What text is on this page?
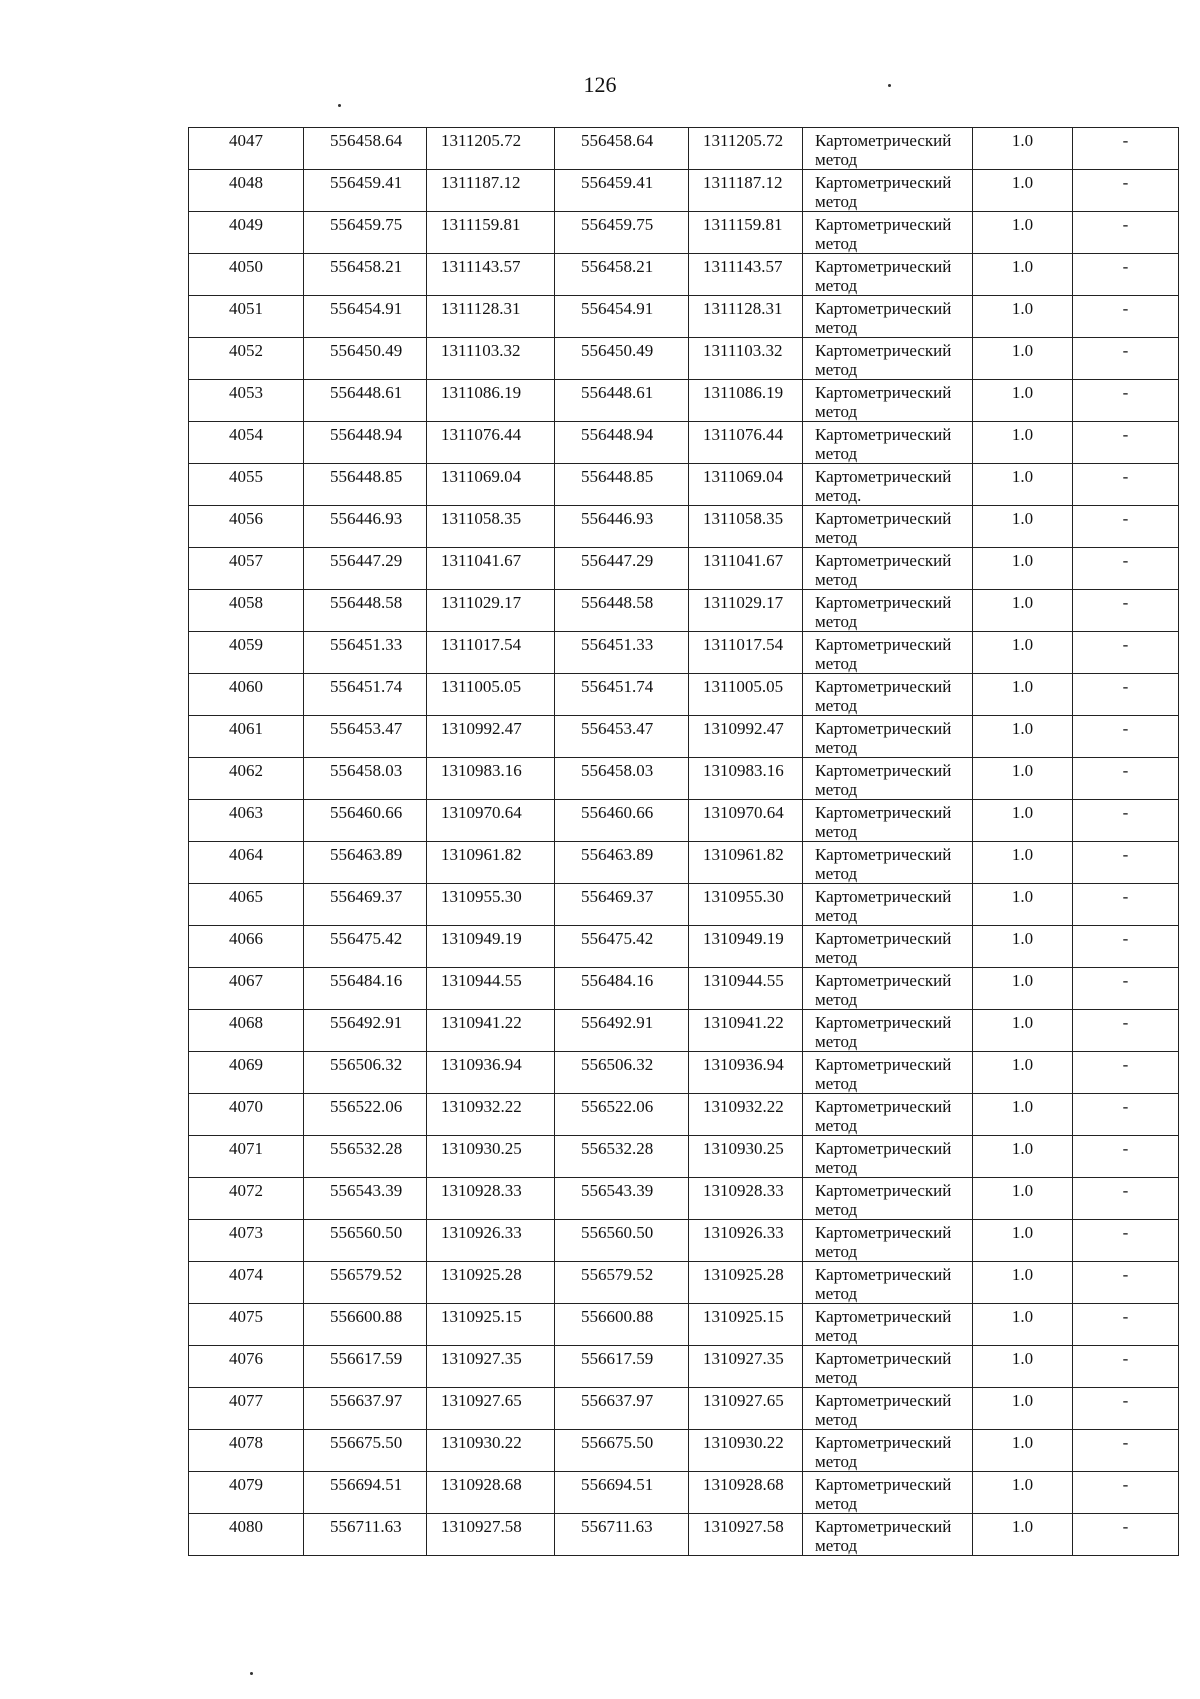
126
4047	556458.64	1311205.72	556458.64	1311205.72	Картометрический метод	1.0	-
4048	556459.41	1311187.12	556459.41	1311187.12	Картометрический метод	1.0	-
4049	556459.75	1311159.81	556459.75	1311159.81	Картометрический метод	1.0	-
4050	556458.21	1311143.57	556458.21	1311143.57	Картометрический метод	1.0	-
4051	556454.91	1311128.31	556454.91	1311128.31	Картометрический метод	1.0	-
4052	556450.49	1311103.32	556450.49	1311103.32	Картометрический метод	1.0	-
4053	556448.61	1311086.19	556448.61	1311086.19	Картометрический метод	1.0	-
4054	556448.94	1311076.44	556448.94	1311076.44	Картометрический метод	1.0	-
4055	556448.85	1311069.04	556448.85	1311069.04	Картометрический метод.	1.0	-
4056	556446.93	1311058.35	556446.93	1311058.35	Картометрический метод	1.0	-
4057	556447.29	1311041.67	556447.29	1311041.67	Картометрический метод	1.0	-
4058	556448.58	1311029.17	556448.58	1311029.17	Картометрический метод	1.0	-
4059	556451.33	1311017.54	556451.33	1311017.54	Картометрический метод	1.0	-
4060	556451.74	1311005.05	556451.74	1311005.05	Картометрический метод	1.0	-
4061	556453.47	1310992.47	556453.47	1310992.47	Картометрический метод	1.0	-
4062	556458.03	1310983.16	556458.03	1310983.16	Картометрический метод	1.0	-
4063	556460.66	1310970.64	556460.66	1310970.64	Картометрический метод	1.0	-
4064	556463.89	1310961.82	556463.89	1310961.82	Картометрический метод	1.0	-
4065	556469.37	1310955.30	556469.37	1310955.30	Картометрический метод	1.0	-
4066	556475.42	1310949.19	556475.42	1310949.19	Картометрический метод	1.0	-
4067	556484.16	1310944.55	556484.16	1310944.55	Картометрический метод	1.0	-
4068	556492.91	1310941.22	556492.91	1310941.22	Картометрический метод	1.0	-
4069	556506.32	1310936.94	556506.32	1310936.94	Картометрический метод	1.0	-
4070	556522.06	1310932.22	556522.06	1310932.22	Картометрический метод	1.0	-
4071	556532.28	1310930.25	556532.28	1310930.25	Картометрический метод	1.0	-
4072	556543.39	1310928.33	556543.39	1310928.33	Картометрический метод	1.0	-
4073	556560.50	1310926.33	556560.50	1310926.33	Картометрический метод	1.0	-
4074	556579.52	1310925.28	556579.52	1310925.28	Картометрический метод	1.0	-
4075	556600.88	1310925.15	556600.88	1310925.15	Картометрический метод	1.0	-
4076	556617.59	1310927.35	556617.59	1310927.35	Картометрический метод	1.0	-
4077	556637.97	1310927.65	556637.97	1310927.65	Картометрический метод	1.0	-
4078	556675.50	1310930.22	556675.50	1310930.22	Картометрический метод	1.0	-
4079	556694.51	1310928.68	556694.51	1310928.68	Картометрический метод	1.0	-
4080	556711.63	1310927.58	556711.63	1310927.58	Картометрический метод	1.0	-
